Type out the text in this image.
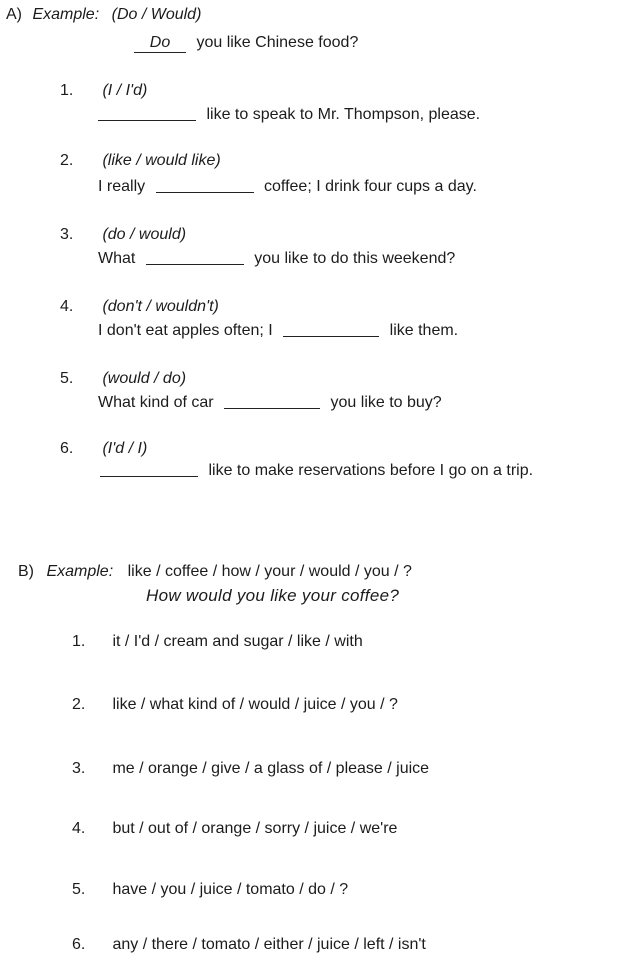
A) Example: (Do / Would)
Do you like Chinese food?
1. (I / I'd)
like to speak to Mr. Thompson, please.
2. (like / would like)
I really	coffee; I drink four cups a day.
3. (do / would)
What	you like to do this weekend?
4. (don't / wouldn't)
I don't eat apples often; I	like them.
5. (would / do)
What kind of car	you like to buy?
6. (I'd / I)
like to make reservations before I go on a trip.
B) Example: like / coffee / how / your / would / you / ?
How would you like your coffee?
1. it / I'd / cream and sugar / like / with
2. like / what kind of / would / juice / you / ?
3. me / orange / give / a glass of / please / juice
4. but / out of / orange / sorry / juice / we're
5. have / you / juice / tomato / do / ?
6. any / there / tomato / either / juice / left / isn't
